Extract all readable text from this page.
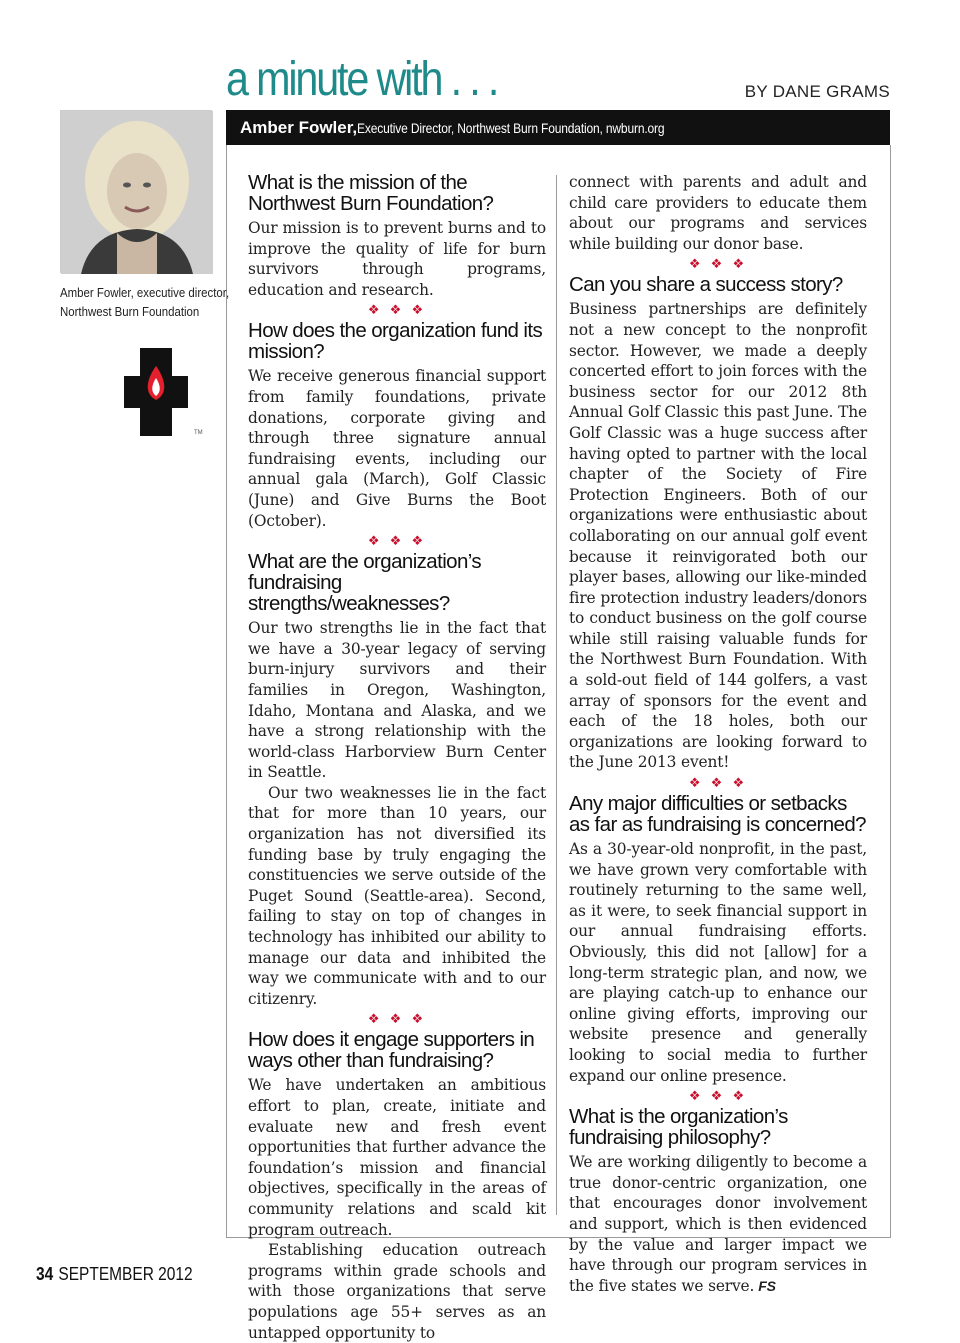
a minute with . . .	BY DANE GRAMS
Amber Fowler,Executive Director, Northwest Burn Foundation, nwburn.org
Amber Fowler, executive director,
Northwest Burn Foundation
TM
What is the mission of the Northwest Burn Foundation?
Our mission is to prevent burns and to improve the quality of life for burn survivors through programs, education and research.
❖ ❖ ❖
How does the organization fund its mission?
We receive generous financial support from family foundations, private donations, corporate giving and through three signature annual fundraising events, including our annual gala (March), Golf Classic (June) and Give Burns the Boot (October).
❖ ❖ ❖
What are the organization’s fundraising strengths/weaknesses?
Our two strengths lie in the fact that we have a 30-year legacy of serving burn-injury survivors and their families in Oregon, Washington, Idaho, Montana and Alaska, and we have a strong relationship with the world-class Harborview Burn Center in Seattle.
Our two weaknesses lie in the fact that for more than 10 years, our organization has not diversified its funding base by truly engaging the constituencies we serve outside of the Puget Sound (Seattle-area). Second, failing to stay on top of changes in technology has inhibited our ability to manage our data and inhibited the way we communicate with and to our citizenry.
❖ ❖ ❖
How does it engage supporters in ways other than fundraising?
We have undertaken an ambitious effort to plan, create, initiate and evaluate new and fresh event opportunities that further advance the foundation’s mission and financial objectives, specifically in the areas of community relations and scald kit program outreach.
Establishing education outreach programs within grade schools and with those organizations that serve populations age 55+ serves as an untapped opportunity to
connect with parents and adult and child care providers to educate them about our programs and services while building our donor base.
❖ ❖ ❖
Can you share a success story?
Business partnerships are definitely not a new concept to the nonprofit sector. However, we made a deeply concerted effort to join forces with the business sector for our 2012 8th Annual Golf Classic this past June. The Golf Classic was a huge success after having opted to partner with the local chapter of the Society of Fire Protection Engineers. Both of our organizations were enthusiastic about collaborating on our annual golf event because it reinvigorated both our player bases, allowing our like-minded fire protection industry leaders/donors to conduct business on the golf course while still raising valuable funds for the Northwest Burn Foundation. With a sold-out field of 144 golfers, a vast array of sponsors for the event and each of the 18 holes, both our organizations are looking forward to the June 2013 event!
❖ ❖ ❖
Any major difficulties or setbacks as far as fundraising is concerned?
As a 30-year-old nonprofit, in the past, we have grown very comfortable with routinely returning to the same well, as it were, to seek financial support in our annual fundraising efforts. Obviously, this did not [allow] for a long-term strategic plan, and now, we are playing catch-up to enhance our online giving efforts, improving our website presence and generally looking to social media to further expand our online presence.
❖ ❖ ❖
What is the organization’s fundraising philosophy?
We are working diligently to become a true donor-centric organization, one that encourages donor involvement and support, which is then evidenced by the value and larger impact we have through our program services in the five states we serve. FS
34 SEPTEMBER 2012
